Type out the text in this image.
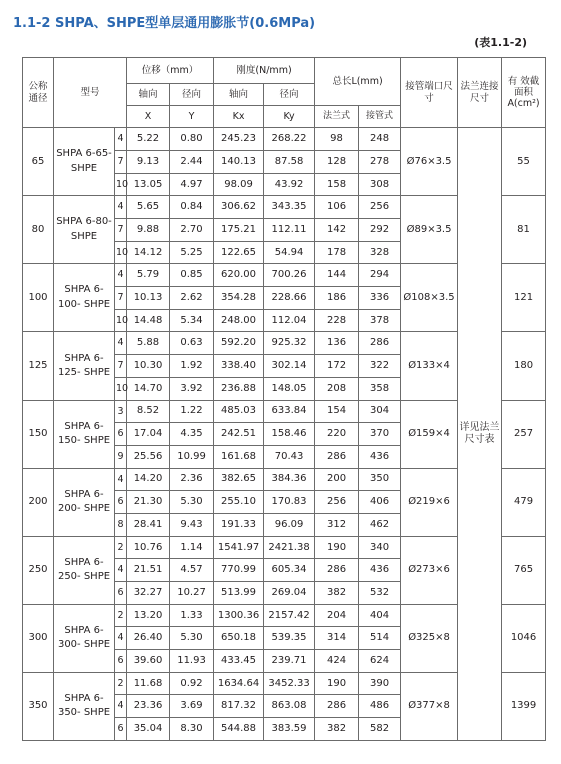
1.1-2 SHPA、SHPE型单层通用膨胀节(0.6MPa)
(表1.1-2)
公称通径	型号		位移（mm）		刚度(N/mm)		总长L(mm)		接管端口尺寸	法兰连接尺寸	有 效截面积A(cm²)
			轴向	径向	轴向	径向					
			X	Y	Kx	Ky	法兰式	接管式			
65	SHPA 6-65- SHPE	4	5.22	0.80	245.23	268.22	98	248	Ø76×3.5	详见法兰尺寸表	55
		7	9.13	2.44	140.13	87.58	128	278			
		10	13.05	4.97	98.09	43.92	158	308			
80	SHPA 6-80- SHPE	4	5.65	0.84	306.62	343.35	106	256	Ø89×3.5		81
		7	9.88	2.70	175.21	112.11	142	292			
		10	14.12	5.25	122.65	54.94	178	328			
100	SHPA 6-100- SHPE	4	5.79	0.85	620.00	700.26	144	294	Ø108×3.5		121
		7	10.13	2.62	354.28	228.66	186	336			
		10	14.48	5.34	248.00	112.04	228	378			
125	SHPA 6-125- SHPE	4	5.88	0.63	592.20	925.32	136	286	Ø133×4		180
		7	10.30	1.92	338.40	302.14	172	322			
		10	14.70	3.92	236.88	148.05	208	358			
150	SHPA 6-150- SHPE	3	8.52	1.22	485.03	633.84	154	304	Ø159×4		257
		6	17.04	4.35	242.51	158.46	220	370			
		9	25.56	10.99	161.68	70.43	286	436			
200	SHPA 6-200- SHPE	4	14.20	2.36	382.65	384.36	200	350	Ø219×6		479
		6	21.30	5.30	255.10	170.83	256	406			
		8	28.41	9.43	191.33	96.09	312	462			
250	SHPA 6-250- SHPE	2	10.76	1.14	1541.97	2421.38	190	340	Ø273×6		765
		4	21.51	4.57	770.99	605.34	286	436			
		6	32.27	10.27	513.99	269.04	382	532			
300	SHPA 6-300- SHPE	2	13.20	1.33	1300.36	2157.42	204	404	Ø325×8		1046
		4	26.40	5.30	650.18	539.35	314	514			
		6	39.60	11.93	433.45	239.71	424	624			
350	SHPA 6-350- SHPE	2	11.68	0.92	1634.64	3452.33	190	390	Ø377×8		1399
		4	23.36	3.69	817.32	863.08	286	486			
		6	35.04	8.30	544.88	383.59	382	582			
